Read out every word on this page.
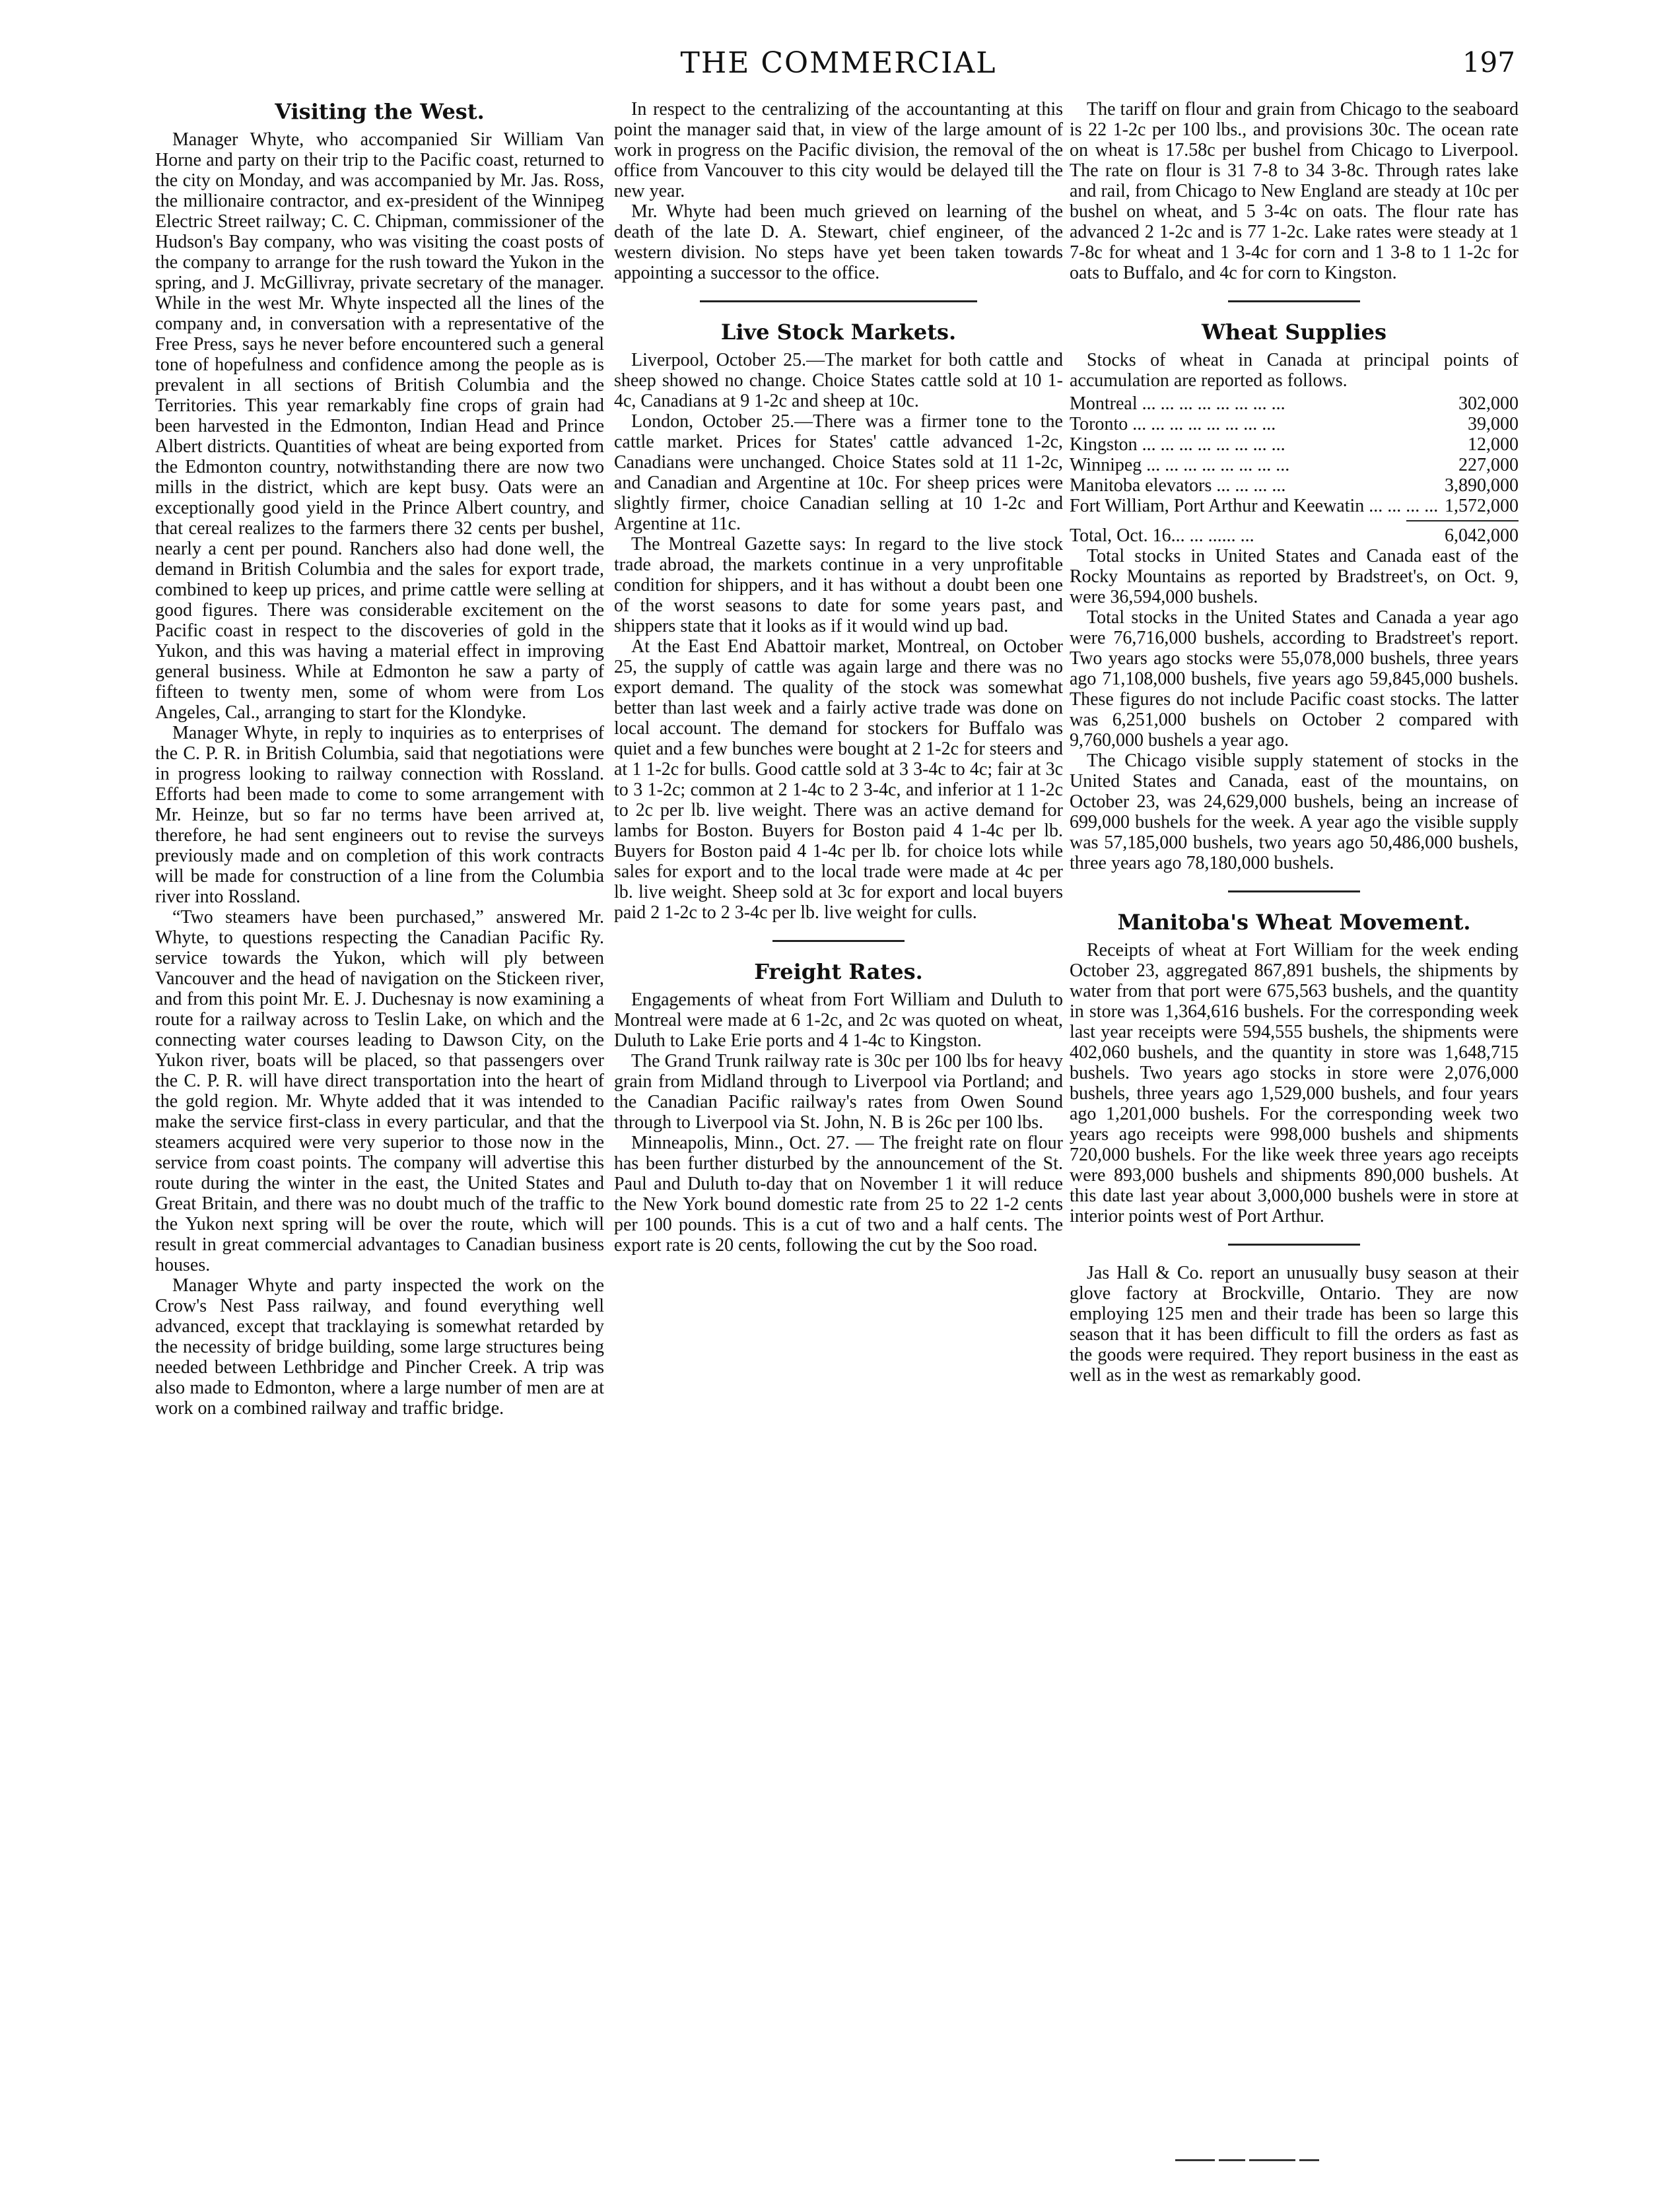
THE COMMERCIAL	197
Visiting the West.

Manager Whyte, who accompanied Sir William Van Horne and party on their trip to the Pacific coast, returned to the city on Monday, and was accompanied by Mr. Jas. Ross, the millionaire contractor, and ex-president of the Winnipeg Electric Street railway; C. C. Chipman, commissioner of the Hudson's Bay company, who was visiting the coast posts of the company to arrange for the rush toward the Yukon in the spring, and J. McGillivray, private secretary of the manager. While in the west Mr. Whyte inspected all the lines of the company and, in conversation with a representative of the Free Press, says he never before encountered such a general tone of hopefulness and confidence among the people as is prevalent in all sections of British Columbia and the Territories. This year remarkably fine crops of grain had been harvested in the Edmonton, Indian Head and Prince Albert districts. Quantities of wheat are being exported from the Edmonton country, notwithstanding there are now two mills in the district, which are kept busy. Oats were an exceptionally good yield in the Prince Albert country, and that cereal realizes to the farmers there 32 cents per bushel, nearly a cent per pound. Ranchers also had done well, the demand in British Columbia and the sales for export trade, combined to keep up prices, and prime cattle were selling at good figures. There was considerable excitement on the Pacific coast in respect to the discoveries of gold in the Yukon, and this was having a material effect in improving general business. While at Edmonton he saw a party of fifteen to twenty men, some of whom were from Los Angeles, Cal., arranging to start for the Klondyke.

Manager Whyte, in reply to inquiries as to enterprises of the C. P. R. in British Columbia, said that negotiations were in progress looking to railway connection with Rossland. Efforts had been made to come to some arrangement with Mr. Heinze, but so far no terms have been arrived at, therefore, he had sent engineers out to revise the surveys previously made and on completion of this work contracts will be made for construction of a line from the Columbia river into Rossland.

“Two steamers have been purchased,” answered Mr. Whyte, to questions respecting the Canadian Pacific Ry. service towards the Yukon, which will ply between Vancouver and the head of navigation on the Stickeen river, and from this point Mr. E. J. Duchesnay is now examining a route for a railway across to Teslin Lake, on which and the connecting water courses leading to Dawson City, on the Yukon river, boats will be placed, so that passengers over the C. P. R. will have direct transportation into the heart of the gold region. Mr. Whyte added that it was intended to make the service first-class in every particular, and that the steamers acquired were very superior to those now in the service from coast points. The company will advertise this route during the winter in the east, the United States and Great Britain, and there was no doubt much of the traffic to the Yukon next spring will be over the route, which will result in great commercial advantages to Canadian business houses.

Manager Whyte and party inspected the work on the Crow's Nest Pass railway, and found everything well advanced, except that tracklaying is somewhat retarded by the necessity of bridge building, some large structures being needed between Lethbridge and Pincher Creek. A trip was also made to Edmonton, where a large number of men are at work on a combined railway and traffic bridge.

In respect to the centralizing of the accountanting at this point the manager said that, in view of the large amount of work in progress on the Pacific division, the removal of the office from Vancouver to this city would be delayed till the new year.

Mr. Whyte had been much grieved on learning of the death of the late D. A. Stewart, chief engineer, of the western division. No steps have yet been taken towards appointing a successor to the office.

Live Stock Markets.

Liverpool, October 25.—The market for both cattle and sheep showed no change. Choice States cattle sold at 10 1-4c, Canadians at 9 1-2c and sheep at 10c.

London, October 25.—There was a firmer tone to the cattle market. Prices for States' cattle advanced 1-2c, Canadians were unchanged. Choice States sold at 11 1-2c, and Canadian and Argentine at 10c. For sheep prices were slightly firmer, choice Canadian selling at 10 1-2c and Argentine at 11c.

The Montreal Gazette says: In regard to the live stock trade abroad, the markets continue in a very unprofitable condition for shippers, and it has without a doubt been one of the worst seasons to date for some years past, and shippers state that it looks as if it would wind up bad.

At the East End Abattoir market, Montreal, on October 25, the supply of cattle was again large and there was no export demand. The quality of the stock was somewhat better than last week and a fairly active trade was done on local account. The demand for stockers for Buffalo was quiet and a few bunches were bought at 2 1-2c for steers and at 1 1-2c for bulls. Good cattle sold at 3 3-4c to 4c; fair at 3c to 3 1-2c; common at 2 1-4c to 2 3-4c, and inferior at 1 1-2c to 2c per lb. live weight. There was an active demand for lambs for Boston. Buyers for Boston paid 4 1-4c per lb. Buyers for Boston paid 4 1-4c per lb. for choice lots while sales for export and to the local trade were made at 4c per lb. live weight. Sheep sold at 3c for export and local buyers paid 2 1-2c to 2 3-4c per lb. live weight for culls.

Freight Rates.

Engagements of wheat from Fort William and Duluth to Montreal were made at 6 1-2c, and 2c was quoted on wheat, Duluth to Lake Erie ports and 4 1-4c to Kingston.

The Grand Trunk railway rate is 30c per 100 lbs for heavy grain from Midland through to Liverpool via Portland; and the Canadian Pacific railway's rates from Owen Sound through to Liverpool via St. John, N. B is 26c per 100 lbs.

Minneapolis, Minn., Oct. 27. — The freight rate on flour has been further disturbed by the announcement of the St. Paul and Duluth to-day that on November 1 it will reduce the New York bound domestic rate from 25 to 22 1-2 cents per 100 pounds. This is a cut of two and a half cents. The export rate is 20 cents, following the cut by the Soo road.

The tariff on flour and grain from Chicago to the seaboard is 22 1-2c per 100 lbs., and provisions 30c. The ocean rate on wheat is 17.58c per bushel from Chicago to Liverpool. The rate on flour is 31 7-8 to 34 3-8c. Through rates lake and rail, from Chicago to New England are steady at 10c per bushel on wheat, and 5 3-4c on oats. The flour rate has advanced 2 1-2c and is 77 1-2c. Lake rates were steady at 1 7-8c for wheat and 1 3-4c for corn and 1 3-8 to 1 1-2c for oats to Buffalo, and 4c for corn to Kingston.

Wheat Supplies

Stocks of wheat in Canada at principal points of accumulation are reported as follows.

Montreal ... ... ... ... ... ... ... ...	302,000
Toronto ... ... ... ... ... ... ... ...	39,000
Kingston ... ... ... ... ... ... ... ...	12,000
Winnipeg ... ... ... ... ... ... ... ...	227,000
Manitoba elevators ... ... ... ...	3,890,000
Fort William, Port Arthur and Keewatin ... ... ... ...	1,572,000
Total, Oct. 16... ... ...... ...	6,042,000

Total stocks in United States and Canada east of the Rocky Mountains as reported by Bradstreet's, on Oct. 9, were 36,594,000 bushels.

Total stocks in the United States and Canada a year ago were 76,716,000 bushels, according to Bradstreet's report. Two years ago stocks were 55,078,000 bushels, three years ago 71,108,000 bushels, five years ago 59,845,000 bushels. These figures do not include Pacific coast stocks. The latter was 6,251,000 bushels on October 2 compared with 9,760,000 bushels a year ago.

The Chicago visible supply statement of stocks in the United States and Canada, east of the mountains, on October 23, was 24,629,000 bushels, being an increase of 699,000 bushels for the week. A year ago the visible supply was 57,185,000 bushels, two years ago 50,486,000 bushels, three years ago 78,180,000 bushels.

Manitoba's Wheat Movement.

Receipts of wheat at Fort William for the week ending October 23, aggregated 867,891 bushels, the shipments by water from that port were 675,563 bushels, and the quantity in store was 1,364,616 bushels. For the corresponding week last year receipts were 594,555 bushels, the shipments were 402,060 bushels, and the quantity in store was 1,648,715 bushels. Two years ago stocks in store were 2,076,000 bushels, three years ago 1,529,000 bushels, and four years ago 1,201,000 bushels. For the corresponding week two years ago receipts were 998,000 bushels and shipments 720,000 bushels. For the like week three years ago receipts were 893,000 bushels and shipments 890,000 bushels. At this date last year about 3,000,000 bushels were in store at interior points west of Port Arthur.

Jas Hall & Co. report an unusually busy season at their glove factory at Brockville, Ontario. They are now employing 125 men and their trade has been so large this season that it has been difficult to fill the orders as fast as the goods were required. They report business in the east as well as in the west as remarkably good.
